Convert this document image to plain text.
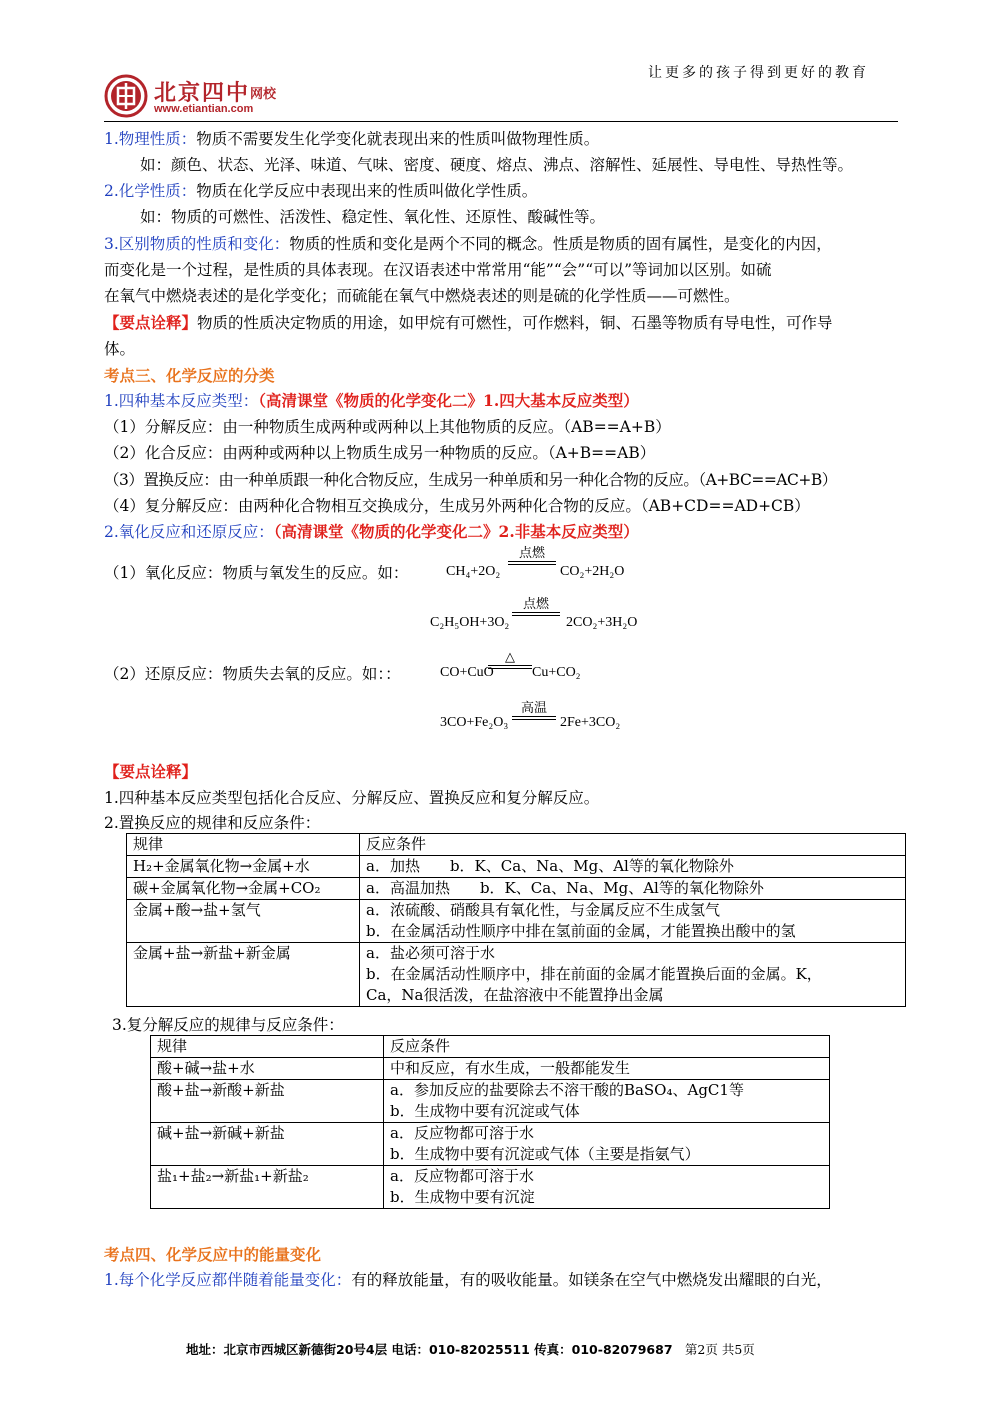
让更多的孩子得到更好的教育
北京四中 网校
www.etiantian.com
1.物理性质：物质不需要发生化学变化就表现出来的性质叫做物理性质。
如：颜色、状态、光泽、味道、气味、密度、硬度、熔点、沸点、溶解性、延展性、导电性、导热性等。
2.化学性质：物质在化学反应中表现出来的性质叫做化学性质。
如：物质的可燃性、活泼性、稳定性、氧化性、还原性、酸碱性等。
3.区别物质的性质和变化：物质的性质和变化是两个不同的概念。性质是物质的固有属性，是变化的内因，
而变化是一个过程，是性质的具体表现。在汉语表述中常常用“能”“会”“可以”等词加以区别。如硫
在氧气中燃烧表述的是化学变化；而硫能在氧气中燃烧表述的则是硫的化学性质——可燃性。
【要点诠释】物质的性质决定物质的用途，如甲烷有可燃性，可作燃料，铜、石墨等物质有导电性，可作导
体。
考点三、化学反应的分类
1.四种基本反应类型：（高清课堂《物质的化学变化二》1.四大基本反应类型）
（1）分解反应：由一种物质生成两种或两种以上其他物质的反应。（AB==A+B）
（2）化合反应：由两种或两种以上物质生成另一种物质的反应。（A+B==AB）
（3）置换反应：由一种单质跟一种化合物反应，生成另一种单质和另一种化合物的反应。（A+BC==AC+B）
（4）复分解反应：由两种化合物相互交换成分，生成另外两种化合物的反应。（AB+CD==AD+CB）
2.氧化反应和还原反应：（高清课堂《物质的化学变化二》2.非基本反应类型）
（1）氧化反应：物质与氧发生的反应。如：	CH₄+2O₂
点燃
CO₂+2H₂O
C₂H₅OH+3O₂
点燃
2CO₂+3H₂O
（2）还原反应：物质失去氧的反应。如：：	CO+CuO
△
Cu+CO₂
3CO+Fe₂O₃
高温
2Fe+3CO₂
【要点诠释】
1.四种基本反应类型包括化合反应、分解反应、置换反应和复分解反应。
2.置换反应的规律和反应条件：
规律	反应条件
H₂+金属氧化物→金属+水	a．加热　　b．K、Ca、Na、Mg、Al等的氧化物除外
碳+金属氧化物→金属+CO₂	a．高温加热　　b．K、Ca、Na、Mg、Al等的氧化物除外
金属+酸→盐+氢气	a．浓硫酸、硝酸具有氧化性，与金属反应不生成氢气
b．在金属活动性顺序中排在氢前面的金属，才能置换出酸中的氢

金属+盐→新盐+新金属	a．盐必须可溶于水
b．在金属活动性顺序中，排在前面的金属才能置换后面的金属。K，
Ca，Na很活泼，在盐溶液中不能置挣出金属
3.复分解反应的规律与反应条件：
规律	反应条件
酸+碱→盐+水	中和反应，有水生成，一般都能发生
酸+盐→新酸+新盐	a．参加反应的盐要除去不溶干酸的BaSO₄、AgC1等
b．生成物中要有沉淀或气体

碱+盐→新碱+新盐	a．反应物都可溶于水
b．生成物中要有沉淀或气体（主要是指氨气）

盐₁+盐₂→新盐₁+新盐₂	a．反应物都可溶于水
b．生成物中要有沉淀
考点四、化学反应中的能量变化
1.每个化学反应都伴随着能量变化：有的释放能量，有的吸收能量。如镁条在空气中燃烧发出耀眼的白光，
地址：北京市西城区新德街20号4层 电话：010-82025511 传真：010-82079687 第2页 共5页
